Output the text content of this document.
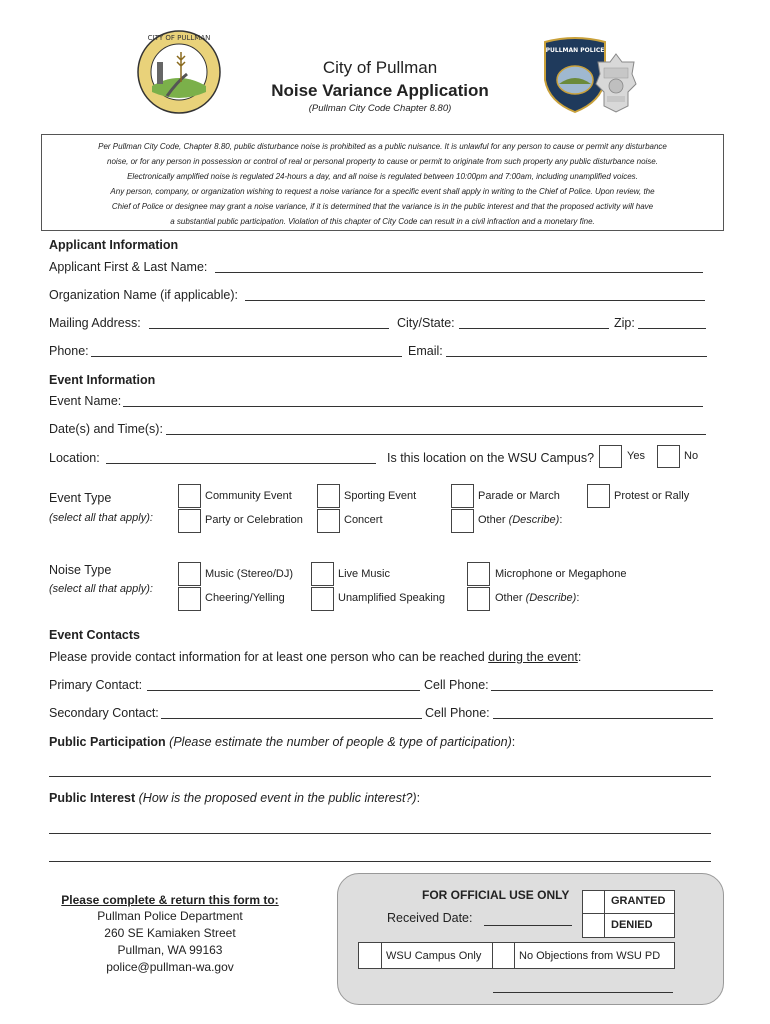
CITY OF PULLMAN
PULLMAN POLICE
City of Pullman
Noise Variance Application
(Pullman City Code Chapter 8.80)

Per Pullman City Code, Chapter 8.80, public disturbance noise is prohibited as a public nuisance. It is unlawful for any person to cause or permit any disturbance

noise, or for any person in possession or control of real or personal property to cause or permit to originate from such property any public disturbance noise.

Electronically amplified noise is regulated 24-hours a day, and all noise is regulated between 10:00pm and 7:00am, including unamplified voices.

Any person, company, or organization wishing to request a noise variance for a specific event shall apply in writing to the Chief of Police. Upon review, the

Chief of Police or designee may grant a noise variance, if it is determined that the variance is in the public interest and that the proposed activity will have

a substantial public participation. Violation of this chapter of City Code can result in a civil infraction and a monetary fine.

Applicant Information
Applicant First & Last Name:
Organization Name (if applicable):
Mailing Address:	City/State:	Zip:
Phone:	Email:
Event Information
Event Name:
Date(s) and Time(s):
Location:	Is this location on the WSU Campus?	Yes	No
Event Type
(select all that apply):
Community Event	Sporting Event	Parade or March	Protest or Rally
Party or Celebration	Concert	Other (Describe):
Noise Type
(select all that apply):
Music (Stereo/DJ)	Live Music	Microphone or Megaphone
Cheering/Yelling	Unamplified Speaking	Other (Describe):
Event Contacts
Please provide contact information for at least one person who can be reached during the event:
Primary Contact:	Cell Phone:
Secondary Contact:	Cell Phone:
Public Participation (Please estimate the number of people & type of participation):
Public Interest (How is the proposed event in the public interest?):
Please complete & return this form to:
Pullman Police Department
260 SE Kamiaken Street
Pullman, WA 99163
police@pullman-wa.gov
FOR OFFICIAL USE ONLY
Received Date:
GRANTED
DENIED
WSU Campus Only	No Objections from WSU PD
